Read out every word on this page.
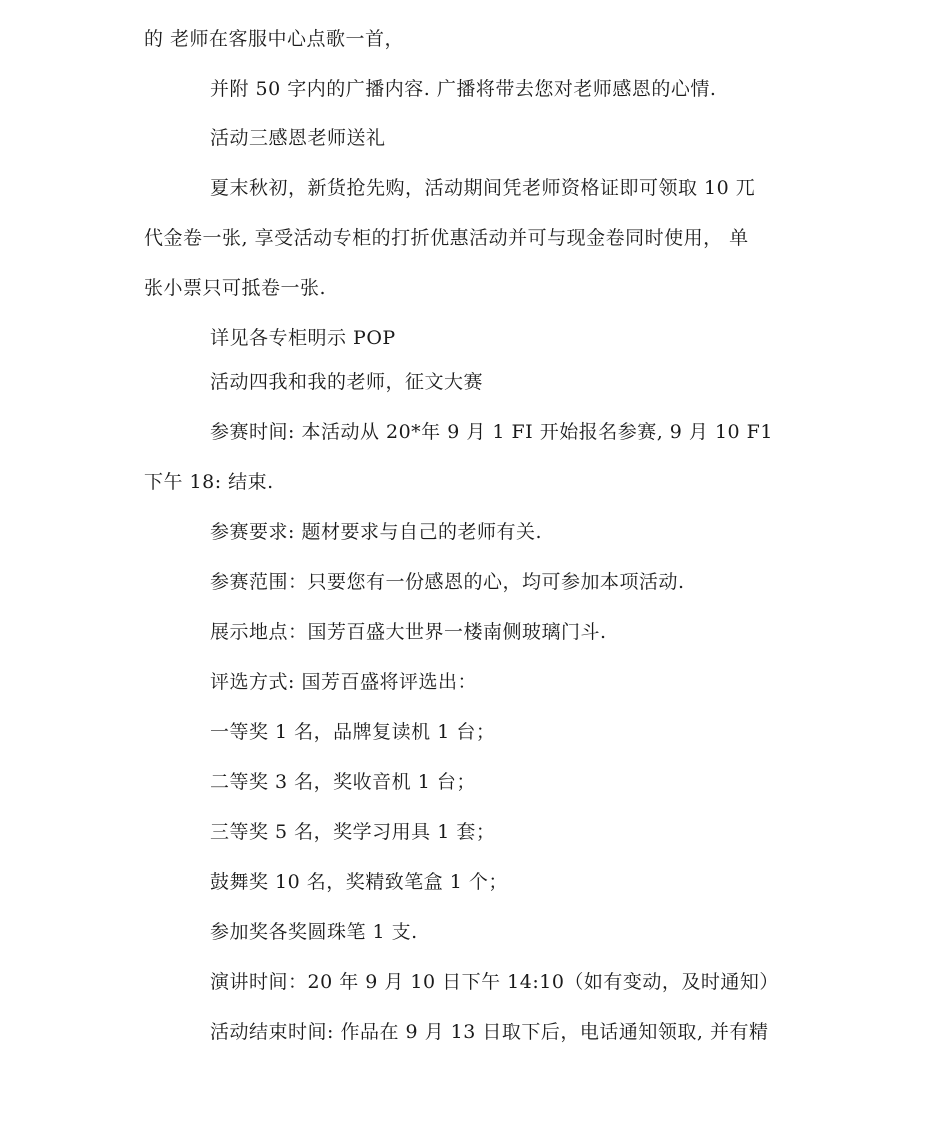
的 老师在客服中心点歌一首，
并附 50 字内的广播内容. 广播将带去您对老师感恩的心情.
活动三感恩老师送礼
夏末秋初，新货抢先购，活动期间凭老师资格证即可领取 10 兀
代金卷一张, 享受活动专柜的打折优惠活动并可与现金卷同时使用， 单
张小票只可抵卷一张.
详见各专柜明示 POP
活动四我和我的老师，征文大赛
参赛时间: 本活动从 20*年 9 月 1 FI 开始报名参赛, 9 月 10 F1
下午 18: 结束.
参赛要求: 题材要求与自己的老师有关.
参赛范围：只要您有一份感恩的心，均可参加本项活动.
展示地点：国芳百盛大世界一楼南侧玻璃门斗.
评选方式: 国芳百盛将评选出：
一等奖 1 名，品牌复读机 1 台；
二等奖 3 名，奖收音机 1 台；
三等奖 5 名，奖学习用具 1 套；
鼓舞奖 10 名，奖精致笔盒 1 个；
参加奖各奖圆珠笔 1 支.
演讲时间：20 年 9 月 10 日下午 14:10（如有变动，及时通知）
活动结束时间: 作品在 9 月 13 日取下后，电话通知领取, 并有精
